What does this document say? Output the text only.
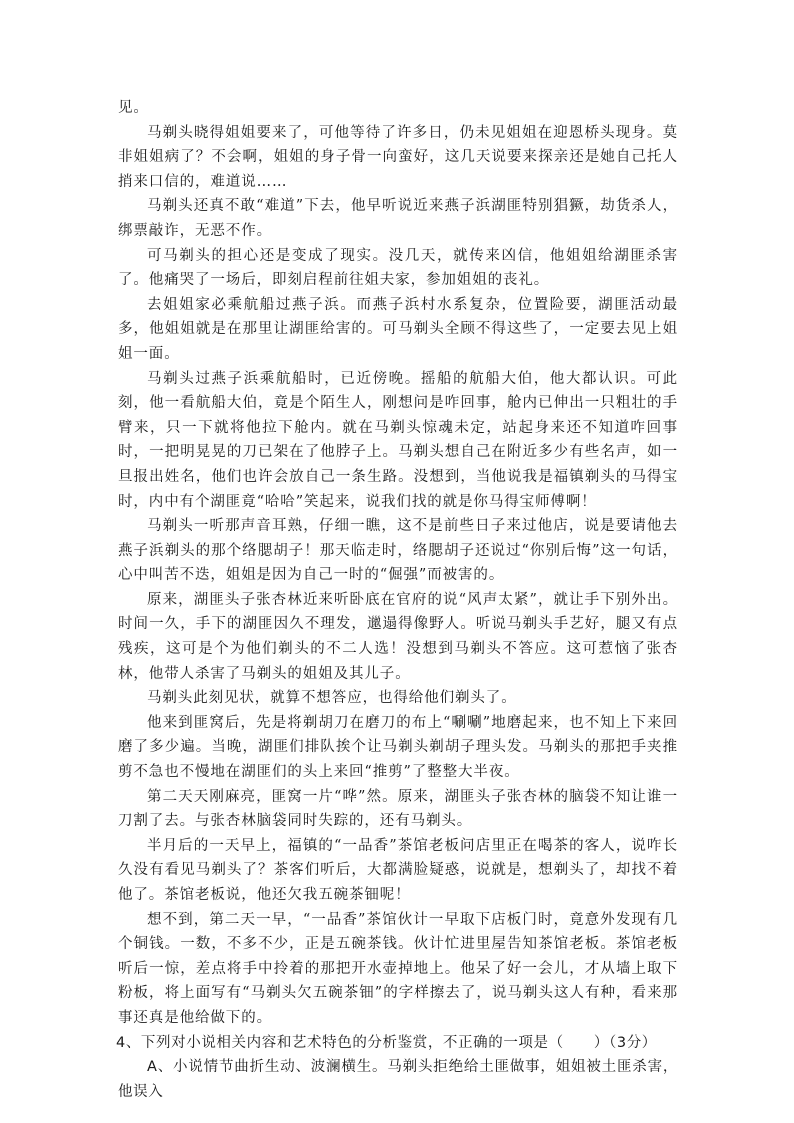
见。

马剃头晓得姐姐要来了，可他等待了许多日，仍未见姐姐在迎恩桥头现身。莫非姐姐病了？不会啊，姐姐的身子骨一向蛮好，这几天说要来探亲还是她自己托人捎来口信的，难道说……

马剃头还真不敢“难道”下去，他早听说近来燕子浜湖匪特别猖獗，劫货杀人，绑票敲诈，无恶不作。

可马剃头的担心还是变成了现实。没几天，就传来凶信，他姐姐给湖匪杀害了。他痛哭了一场后，即刻启程前往姐夫家，参加姐姐的丧礼。

去姐姐家必乘航船过燕子浜。而燕子浜村水系复杂，位置险要，湖匪活动最多，他姐姐就是在那里让湖匪给害的。可马剃头全顾不得这些了，一定要去见上姐姐一面。

马剃头过燕子浜乘航船时，已近傍晚。摇船的航船大伯，他大都认识。可此刻，他一看航船大伯，竟是个陌生人，刚想问是咋回事，舱内已伸出一只粗壮的手臂来，只一下就将他拉下舱内。就在马剃头惊魂未定，站起身来还不知道咋回事时，一把明晃晃的刀已架在了他脖子上。马剃头想自己在附近多少有些名声，如一旦报出姓名，他们也许会放自己一条生路。没想到，当他说我是福镇剃头的马得宝时，内中有个湖匪竟“哈哈”笑起来，说我们找的就是你马得宝师傅啊！

马剃头一听那声音耳熟，仔细一瞧，这不是前些日子来过他店，说是要请他去燕子浜剃头的那个络腮胡子！那天临走时，络腮胡子还说过“你别后悔”这一句话，心中叫苦不迭，姐姐是因为自己一时的“倔强”而被害的。

原来，湖匪头子张杏林近来听卧底在官府的说“风声太紧”，就让手下别外出。时间一久，手下的湖匪因久不理发，邋遢得像野人。听说马剃头手艺好，腿又有点残疾，这可是个为他们剃头的不二人选！没想到马剃头不答应。这可惹恼了张杏林，他带人杀害了马剃头的姐姐及其儿子。

马剃头此刻见状，就算不想答应，也得给他们剃头了。

他来到匪窝后，先是将剃胡刀在磨刀的布上“唰唰”地磨起来，也不知上下来回磨了多少遍。当晚，湖匪们排队挨个让马剃头剃胡子理头发。马剃头的那把手夹推剪不急也不慢地在湖匪们的头上来回“推剪”了整整大半夜。

第二天天刚麻亮，匪窝一片“哗”然。原来，湖匪头子张杏林的脑袋不知让谁一刀割了去。与张杏林脑袋同时失踪的，还有马剃头。

半月后的一天早上，福镇的“一品香”茶馆老板问店里正在喝茶的客人，说咋长久没有看见马剃头了？茶客们听后，大都满脸疑惑，说就是，想剃头了，却找不着他了。茶馆老板说，他还欠我五碗茶钿呢！

想不到，第二天一早，“一品香”茶馆伙计一早取下店板门时，竟意外发现有几个铜钱。一数，不多不少，正是五碗茶钱。伙计忙进里屋告知茶馆老板。茶馆老板听后一惊，差点将手中拎着的那把开水壶掉地上。他呆了好一会儿，才从墙上取下粉板，将上面写有“马剃头欠五碗茶钿”的字样擦去了，说马剃头这人有种，看来那事还真是他给做下的。

4、下列对小说相关内容和艺术特色的分析鉴赏，不正确的一项是（　　）（3分）

A、小说情节曲折生动、波澜横生。马剃头拒绝给土匪做事，姐姐被土匪杀害，他误入
